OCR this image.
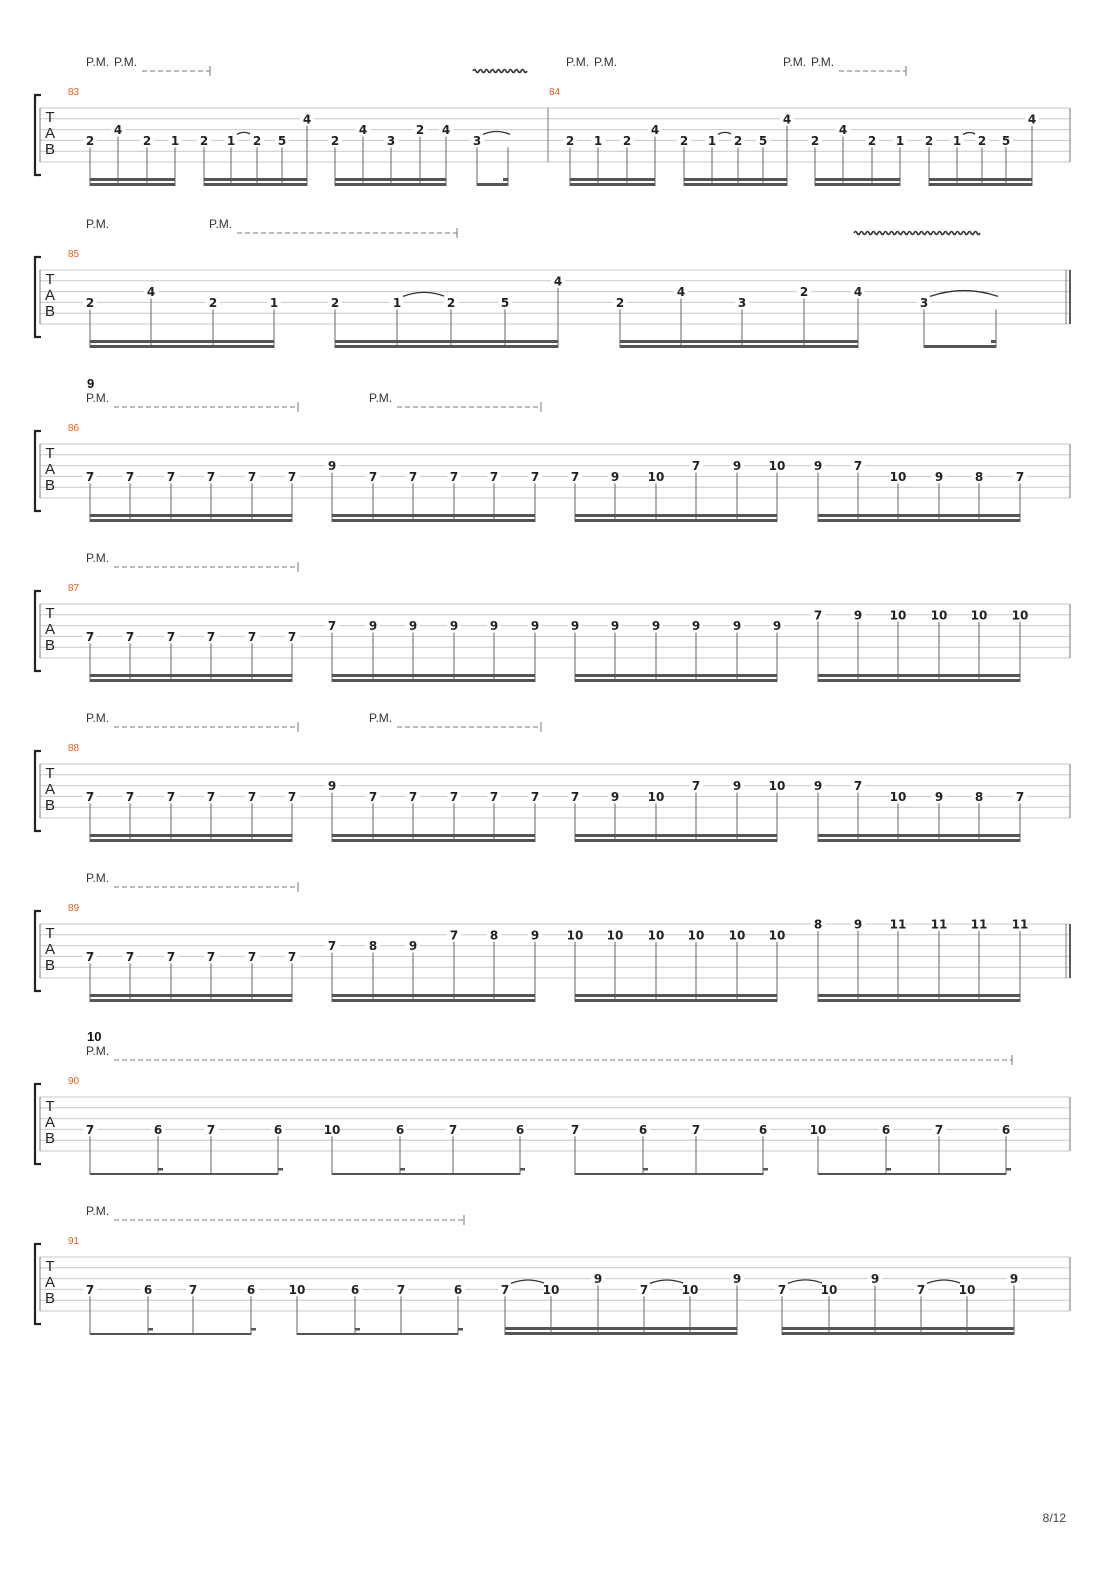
8/12
T
A
B
83	84
P.M. P.M.	P.M. P.M.	P.M. P.M.
2
4
2 1 2 1 2 5
4
2
4
3
2 4
3	2 1 2
4
2 1 2 5
4
2
4
2 1 2 1 2 5
4
T
A
B
85
P.M.	P.M.
2
4
2	1	2	1	2	5
4
2
4
3
2	4
3
T
A
B
86
9
P.M.	P.M.
7	7	7	7	7	7
9
7	7	7	7	7	7	9 10
7	9 10 9	7
10 9	8	7
T
A
B
87
P.M.
7	7	7	7	7	7
7	9	9	9	9	9	9	9	9	9	9	9
7	9 10 10 10 10
T
A
B
88
P.M.	P.M.
7	7	7	7	7	7
9
7	7	7	7	7	7	9 10
7	9 10 9	7
10 9	8	7
T
A
B
89
P.M.
7	7	7	7	7	7
7	8	9
7	8	9 10 10 10 10 10 10
8	9 11 11 11 11
T
A
B
90
10
P.M.
7	6	7	6	10	6	7	6	7	6	7	6	10	6	7	6
T
A
B
91
P.M.
7	6	7	6	10	6	7	6	7	10
9
7	10
9
7	10
9
7	10
9
